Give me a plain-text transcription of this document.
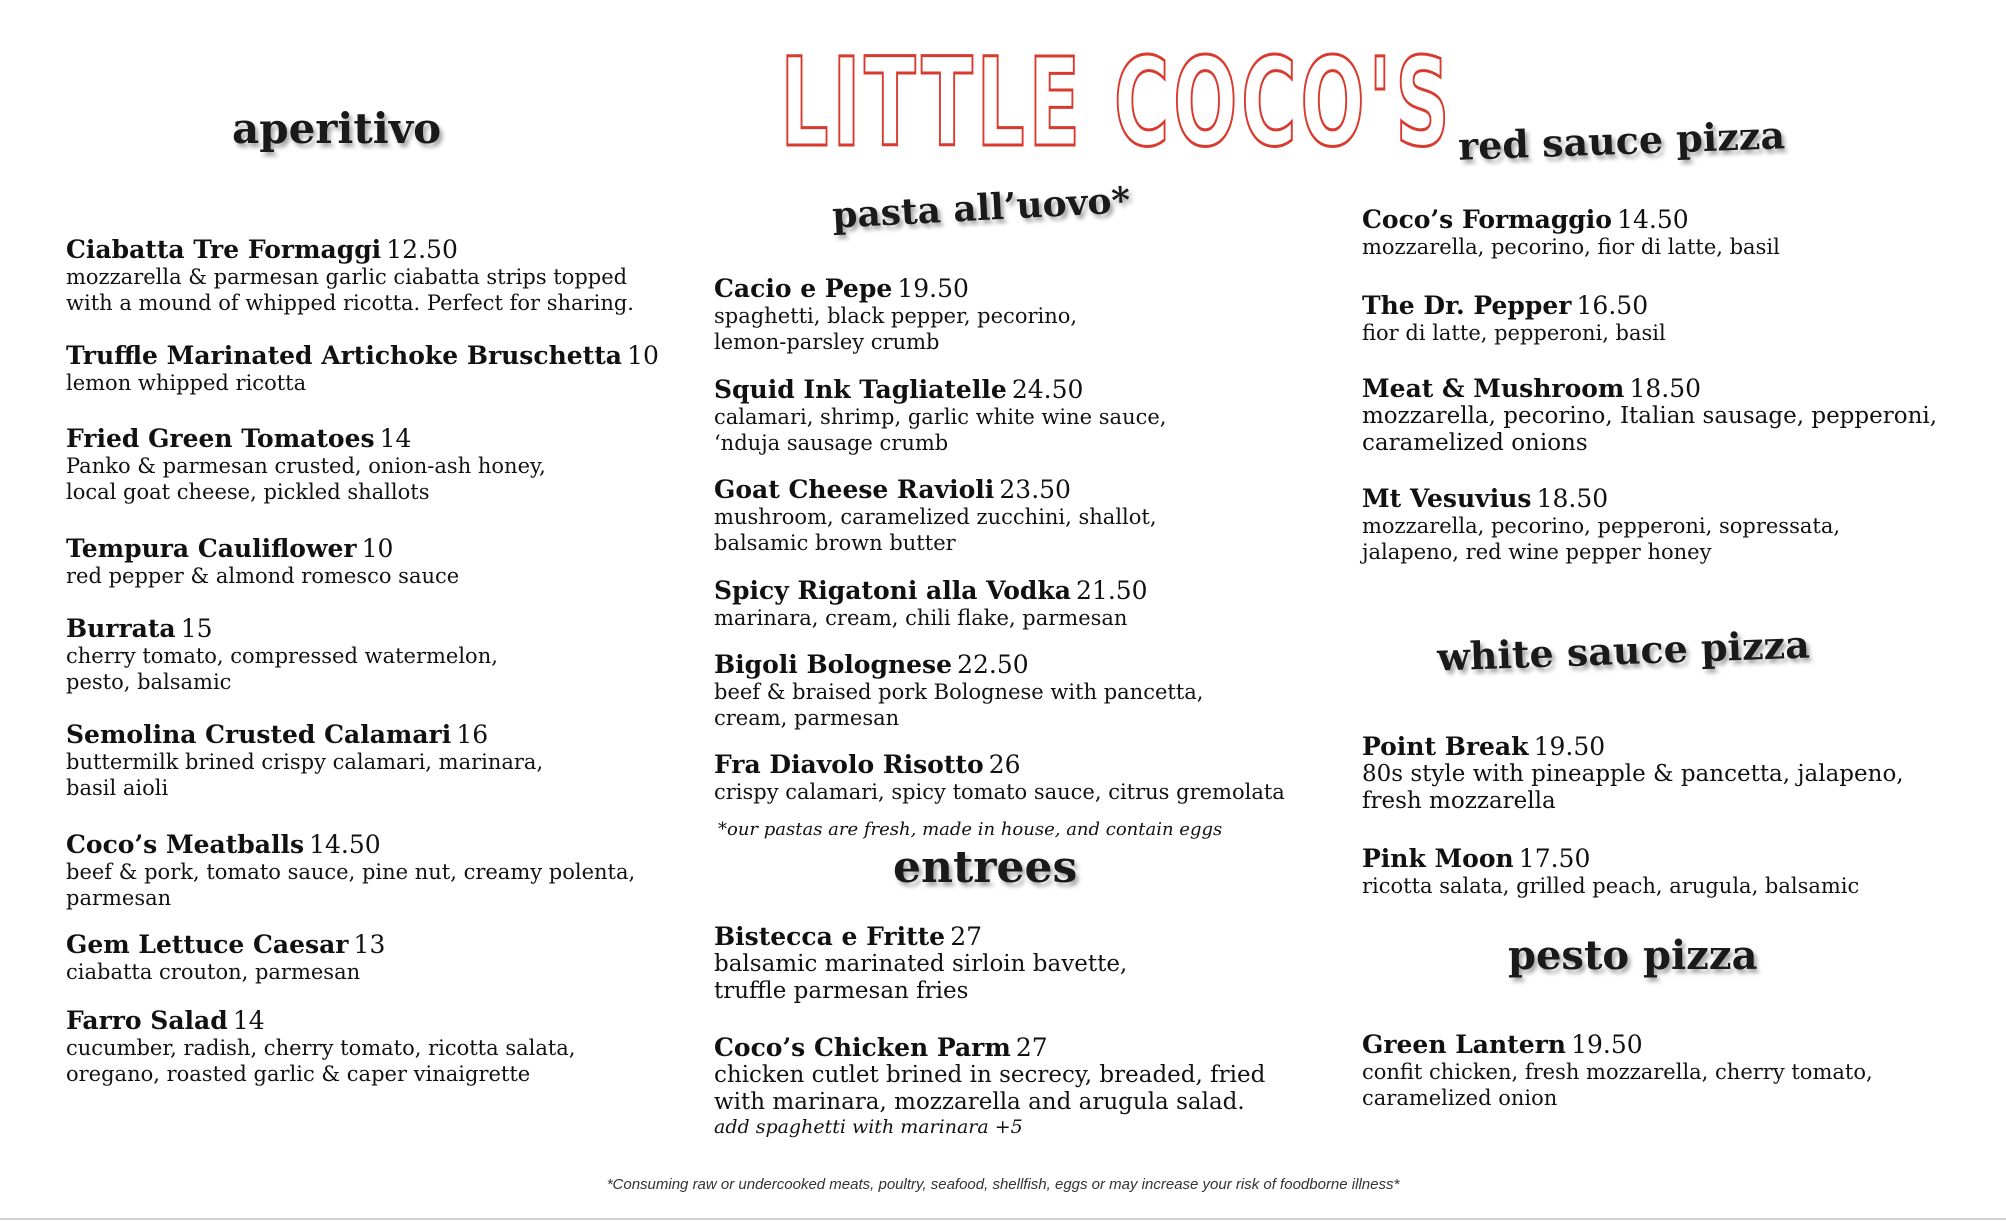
LITTLE COCO'S
aperitivo
pasta all’uovo*
entrees
red sauce pizza
white sauce pizza
pesto pizza
Ciabatta Tre Formaggi 12.50
mozzarella & parmesan garlic ciabatta strips topped
with a mound of whipped ricotta. Perfect for sharing.
Truffle Marinated Artichoke Bruschetta 10
lemon whipped ricotta
Fried Green Tomatoes 14
Panko & parmesan crusted, onion-ash honey,
local goat cheese, pickled shallots
Tempura Cauliflower 10
red pepper & almond romesco sauce
Burrata 15
cherry tomato, compressed watermelon,
pesto, balsamic
Semolina Crusted Calamari 16
buttermilk brined crispy calamari, marinara,
basil aioli
Coco’s Meatballs 14.50
beef & pork, tomato sauce, pine nut, creamy polenta,
parmesan
Gem Lettuce Caesar 13
ciabatta crouton, parmesan
Farro Salad 14
cucumber, radish, cherry tomato, ricotta salata,
oregano, roasted garlic & caper vinaigrette
Cacio e Pepe 19.50
spaghetti, black pepper, pecorino,
lemon-parsley crumb
Squid Ink Tagliatelle 24.50
calamari, shrimp, garlic white wine sauce,
‘nduja sausage crumb
Goat Cheese Ravioli 23.50
mushroom, caramelized zucchini, shallot,
balsamic brown butter
Spicy Rigatoni alla Vodka 21.50
marinara, cream, chili flake, parmesan
Bigoli Bolognese 22.50
beef & braised pork Bolognese with pancetta,
cream, parmesan
Fra Diavolo Risotto 26
crispy calamari, spicy tomato sauce, citrus gremolata
*our pastas are fresh, made in house, and contain eggs
Bistecca e Fritte 27
balsamic marinated sirloin bavette,
truffle parmesan fries
Coco’s Chicken Parm 27
chicken cutlet brined in secrecy, breaded, fried
with marinara, mozzarella and arugula salad.
add spaghetti with marinara +5
Coco’s Formaggio 14.50
mozzarella, pecorino, fior di latte, basil
The Dr. Pepper 16.50
fior di latte, pepperoni, basil
Meat & Mushroom 18.50
mozzarella, pecorino, Italian sausage, pepperoni,
caramelized onions
Mt Vesuvius 18.50
mozzarella, pecorino, pepperoni, sopressata,
jalapeno, red wine pepper honey
Point Break 19.50
80s style with pineapple & pancetta, jalapeno,
fresh mozzarella
Pink Moon 17.50
ricotta salata, grilled peach, arugula, balsamic
Green Lantern 19.50
confit chicken, fresh mozzarella, cherry tomato,
caramelized onion
*Consuming raw or undercooked meats, poultry, seafood, shellfish, eggs or may increase your risk of foodborne illness*
